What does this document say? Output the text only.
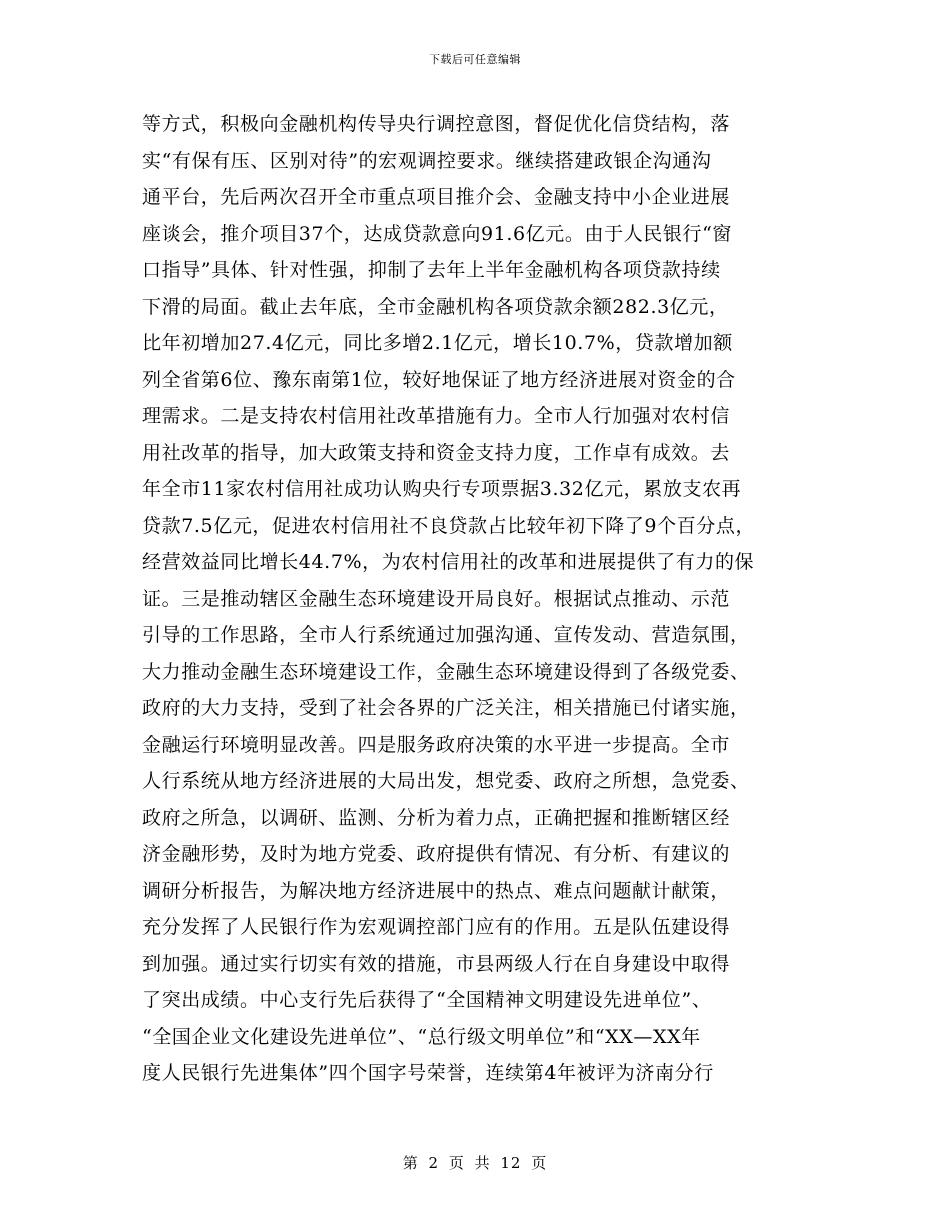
下载后可任意编辑
等方式，积极向金融机构传导央行调控意图，督促优化信贷结构，落
实“有保有压、区别对待”的宏观调控要求。继续搭建政银企沟通沟
通平台，先后两次召开全市重点项目推介会、金融支持中小企业进展
座谈会，推介项目37个，达成贷款意向91.6亿元。由于人民银行“窗
口指导”具体、针对性强，抑制了去年上半年金融机构各项贷款持续
下滑的局面。截止去年底，全市金融机构各项贷款余额282.3亿元，
比年初增加27.4亿元，同比多增2.1亿元，增长10.7%，贷款增加额
列全省第6位、豫东南第1位，较好地保证了地方经济进展对资金的合
理需求。二是支持农村信用社改革措施有力。全市人行加强对农村信
用社改革的指导，加大政策支持和资金支持力度，工作卓有成效。去
年全市11家农村信用社成功认购央行专项票据3.32亿元，累放支农再
贷款7.5亿元，促进农村信用社不良贷款占比较年初下降了9个百分点，
经营效益同比增长44.7%，为农村信用社的改革和进展提供了有力的保
证。三是推动辖区金融生态环境建设开局良好。根据试点推动、示范
引导的工作思路，全市人行系统通过加强沟通、宣传发动、营造氛围，
大力推动金融生态环境建设工作，金融生态环境建设得到了各级党委、
政府的大力支持，受到了社会各界的广泛关注，相关措施已付诸实施，
金融运行环境明显改善。四是服务政府决策的水平进一步提高。全市
人行系统从地方经济进展的大局出发，想党委、政府之所想，急党委、
政府之所急，以调研、监测、分析为着力点，正确把握和推断辖区经
济金融形势，及时为地方党委、政府提供有情况、有分析、有建议的
调研分析报告，为解决地方经济进展中的热点、难点问题献计献策，
充分发挥了人民银行作为宏观调控部门应有的作用。五是队伍建设得
到加强。通过实行切实有效的措施，市县两级人行在自身建设中取得
了突出成绩。中心支行先后获得了“全国精神文明建设先进单位”、
“全国企业文化建设先进单位”、“总行级文明单位”和“XX—XX年
度人民银行先进集体”四个国字号荣誉，连续第4年被评为济南分行
第 2 页 共 12 页
